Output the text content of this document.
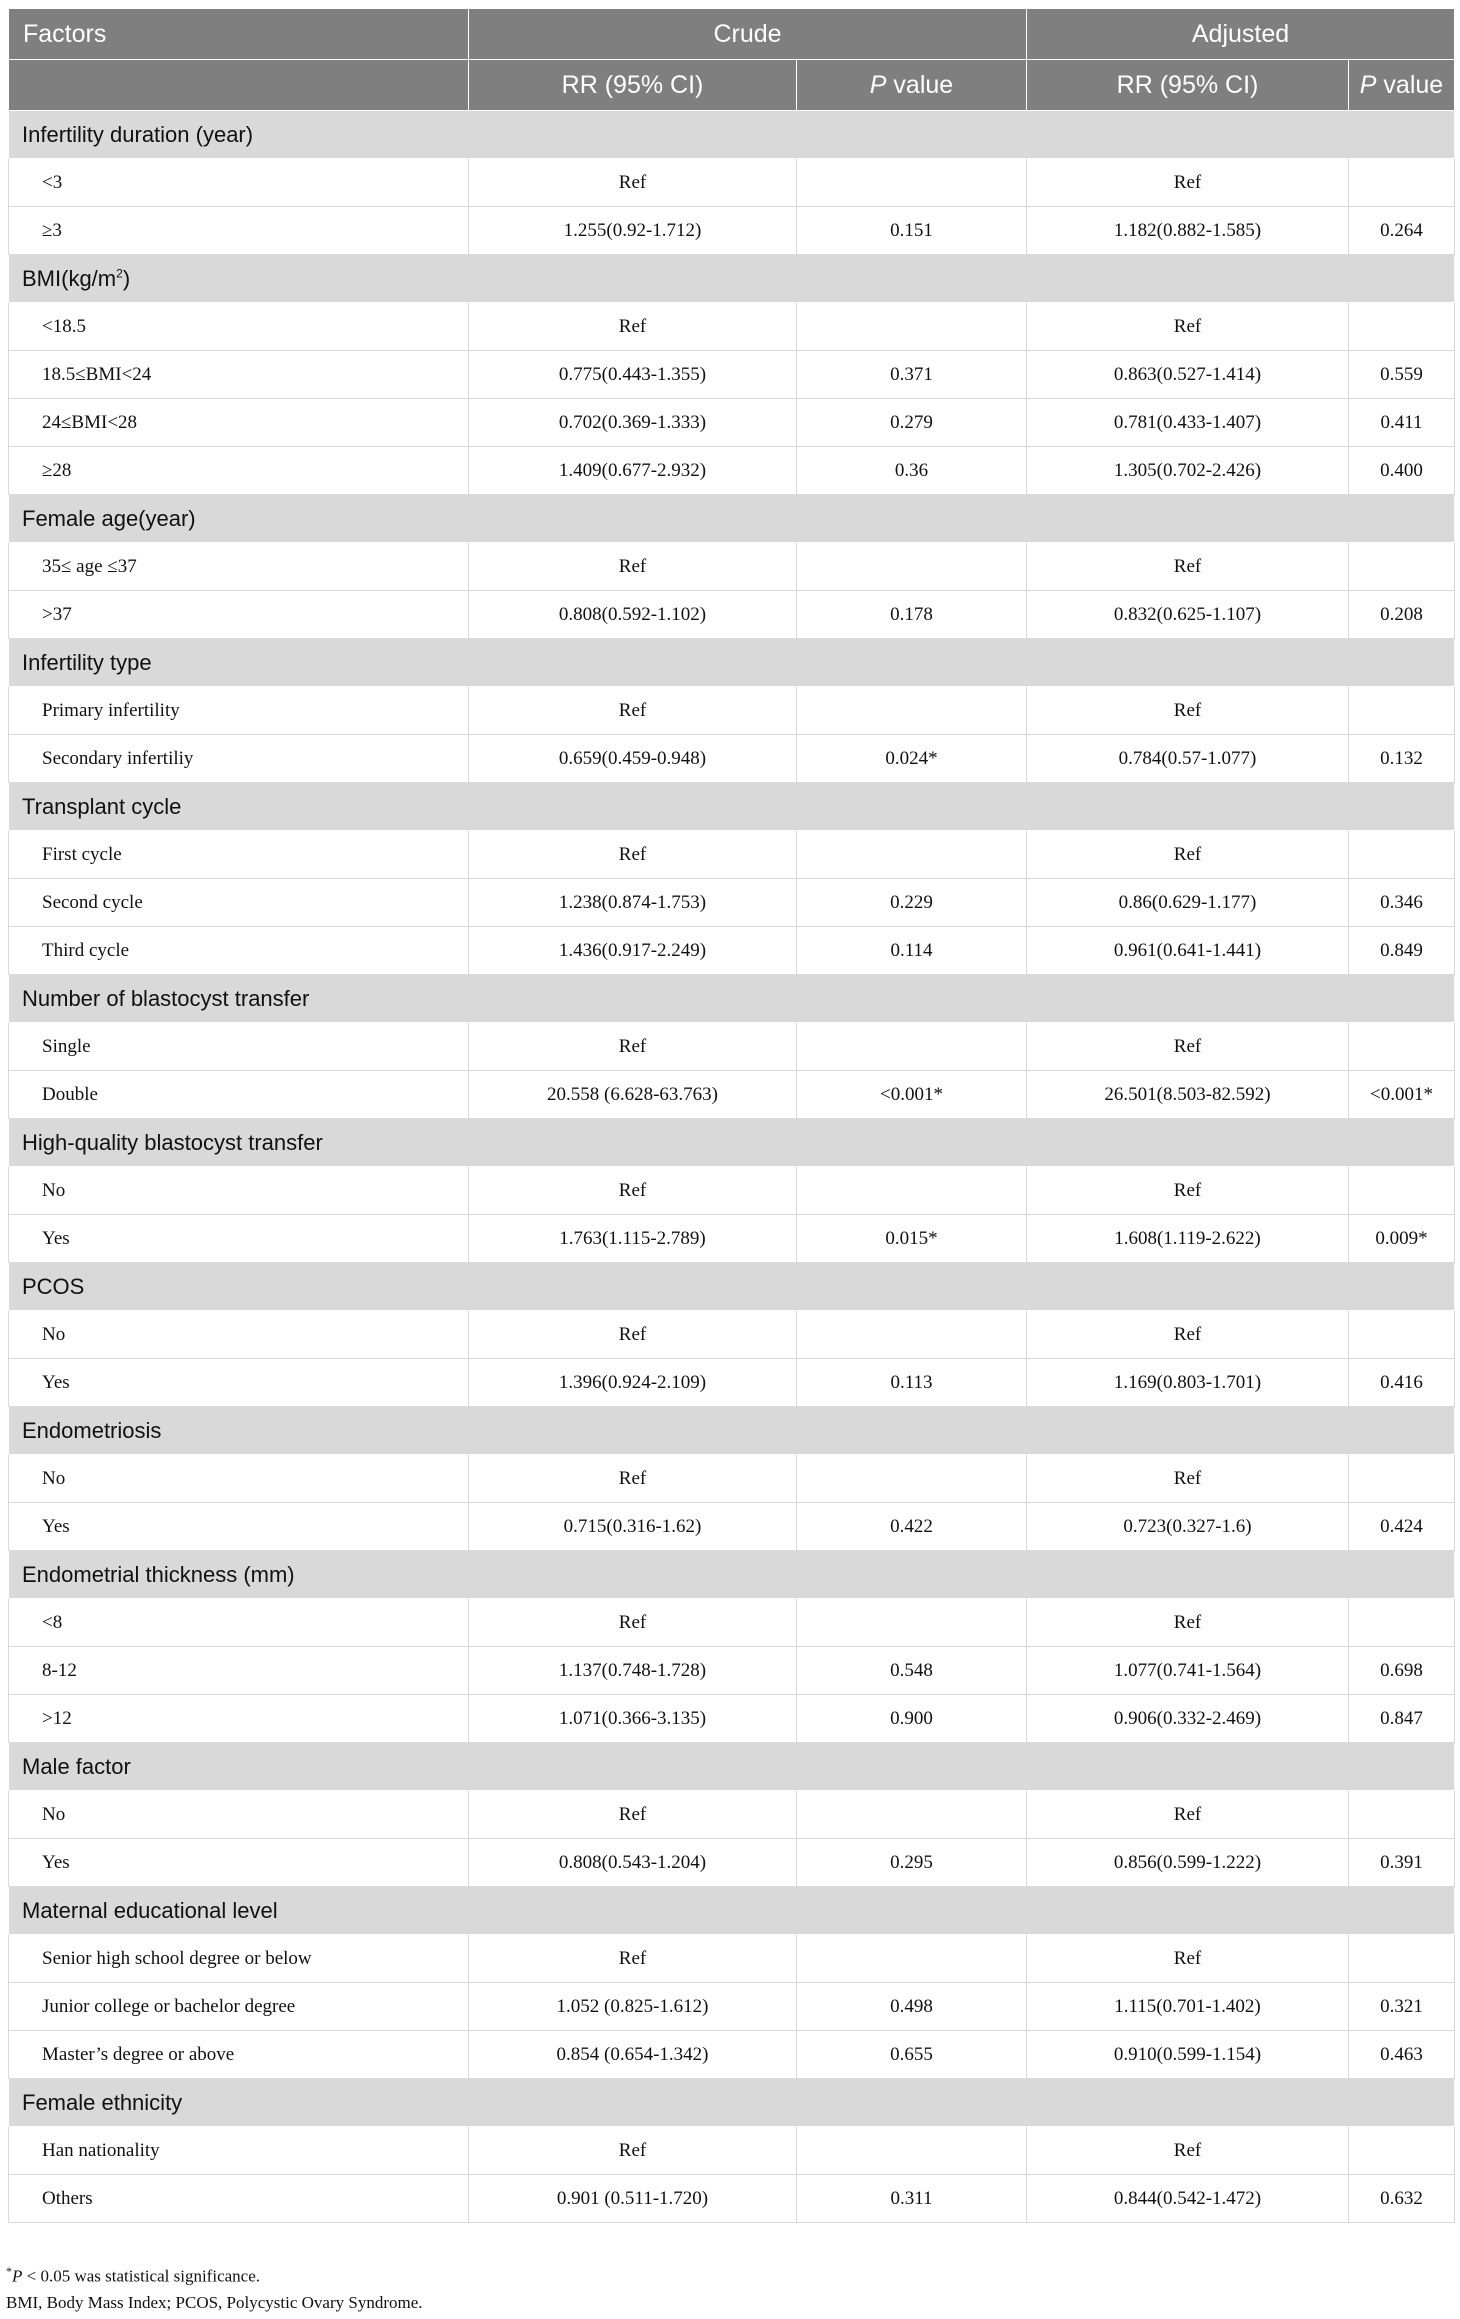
Factors	Crude		Adjusted	
	RR (95% CI)	P value	RR (95% CI)	P value
Infertility duration (year)				
<3	Ref		Ref	
≥3	1.255(0.92-1.712)	0.151	1.182(0.882-1.585)	0.264
$BMI(kg/m^2)$				
<18.5	Ref		Ref	
18.5≤BMI<24	0.775(0.443-1.355)	0.371	0.863(0.527-1.414)	0.559
24≤BMI<28	0.702(0.369-1.333)	0.279	0.781(0.433-1.407)	0.411
≥28	1.409(0.677-2.932)	0.36	1.305(0.702-2.426)	0.400
Female age(year)				
35≤ age ≤37	Ref		Ref	
>37	0.808(0.592-1.102)	0.178	0.832(0.625-1.107)	0.208
Infertility type				
Primary infertility	Ref		Ref	
Secondary infertiliy	0.659(0.459-0.948)	0.024*	0.784(0.57-1.077)	0.132
Transplant cycle				
First cycle	Ref		Ref	
Second cycle	1.238(0.874-1.753)	0.229	0.86(0.629-1.177)	0.346
Third cycle	1.436(0.917-2.249)	0.114	0.961(0.641-1.441)	0.849
Number of blastocyst transfer				
Single	Ref		Ref	
Double	20.558 (6.628-63.763)	<0.001*	26.501(8.503-82.592)	<0.001*
High-quality blastocyst transfer				
No	Ref		Ref	
Yes	1.763(1.115-2.789)	0.015*	1.608(1.119-2.622)	0.009*
PCOS				
No	Ref		Ref	
Yes	1.396(0.924-2.109)	0.113	1.169(0.803-1.701)	0.416
Endometriosis				
No	Ref		Ref	
Yes	0.715(0.316-1.62)	0.422	0.723(0.327-1.6)	0.424
Endometrial thickness (mm)				
<8	Ref		Ref	
8-12	1.137(0.748-1.728)	0.548	1.077(0.741-1.564)	0.698
>12	1.071(0.366-3.135)	0.900	0.906(0.332-2.469)	0.847
Male factor				
No	Ref		Ref	
Yes	0.808(0.543-1.204)	0.295	0.856(0.599-1.222)	0.391
Maternal educational level				
Senior high school degree or below	Ref		Ref	
Junior college or bachelor degree	1.052 (0.825-1.612)	0.498	1.115(0.701-1.402)	0.321
Master’s degree or above	0.854 (0.654-1.342)	0.655	0.910(0.599-1.154)	0.463
Female ethnicity				
Han nationality	Ref		Ref	
Others	0.901 (0.511-1.720)	0.311	0.844(0.542-1.472)	0.632
*P < 0.05 was statistical significance.
BMI, Body Mass Index; PCOS, Polycystic Ovary Syndrome.
